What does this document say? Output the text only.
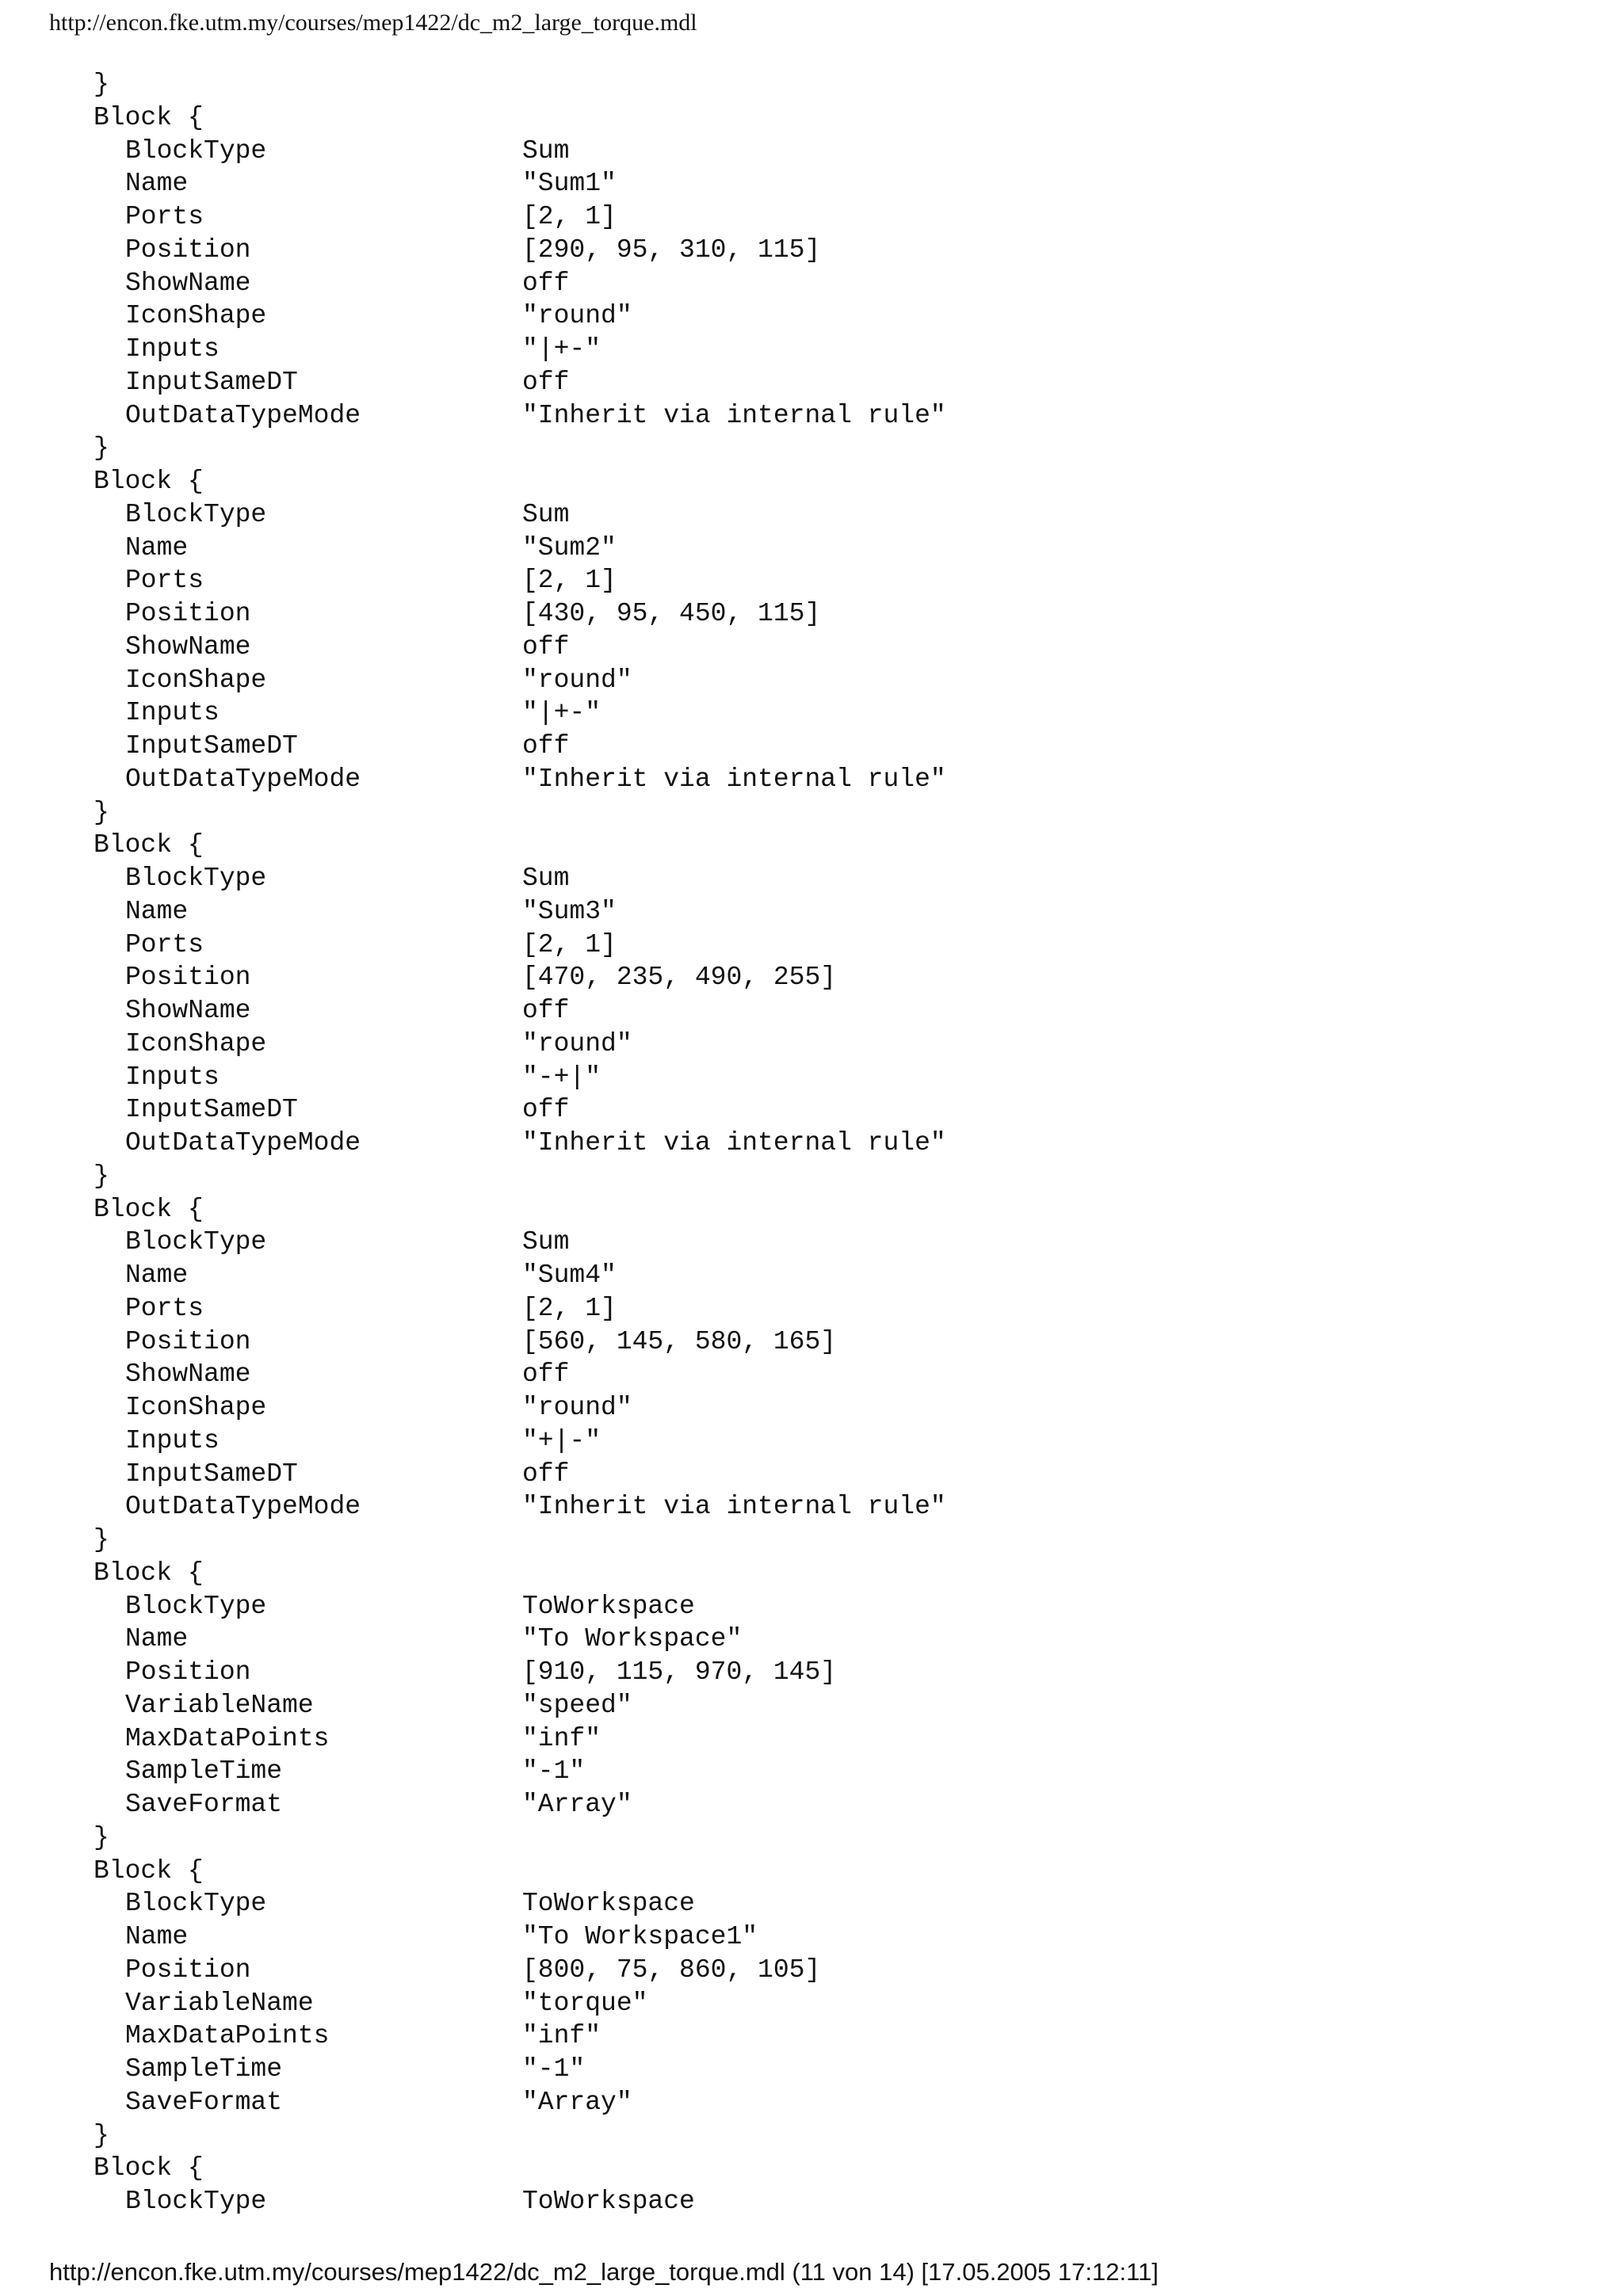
http://encon.fke.utm.my/courses/mep1422/dc_m2_large_torque.mdl
}
Block {
BlockType	Sum
Name	"Sum1"
Ports	[2, 1]
Position	[290, 95, 310, 115]
ShowName	off
IconShape	"round"
Inputs	"|+-"
InputSameDT	off
OutDataTypeMode	"Inherit via internal rule"
}
Block {
BlockType	Sum
Name	"Sum2"
Ports	[2, 1]
Position	[430, 95, 450, 115]
ShowName	off
IconShape	"round"
Inputs	"|+-"
InputSameDT	off
OutDataTypeMode	"Inherit via internal rule"
}
Block {
BlockType	Sum
Name	"Sum3"
Ports	[2, 1]
Position	[470, 235, 490, 255]
ShowName	off
IconShape	"round"
Inputs	"-+|"
InputSameDT	off
OutDataTypeMode	"Inherit via internal rule"
}
Block {
BlockType	Sum
Name	"Sum4"
Ports	[2, 1]
Position	[560, 145, 580, 165]
ShowName	off
IconShape	"round"
Inputs	"+|-"
InputSameDT	off
OutDataTypeMode	"Inherit via internal rule"
}
Block {
BlockType	ToWorkspace
Name	"To Workspace"
Position	[910, 115, 970, 145]
VariableName	"speed"
MaxDataPoints	"inf"
SampleTime	"-1"
SaveFormat	"Array"
}
Block {
BlockType	ToWorkspace
Name	"To Workspace1"
Position	[800, 75, 860, 105]
VariableName	"torque"
MaxDataPoints	"inf"
SampleTime	"-1"
SaveFormat	"Array"
}
Block {
BlockType	ToWorkspace
http://encon.fke.utm.my/courses/mep1422/dc_m2_large_torque.mdl (11 von 14) [17.05.2005 17:12:11]
